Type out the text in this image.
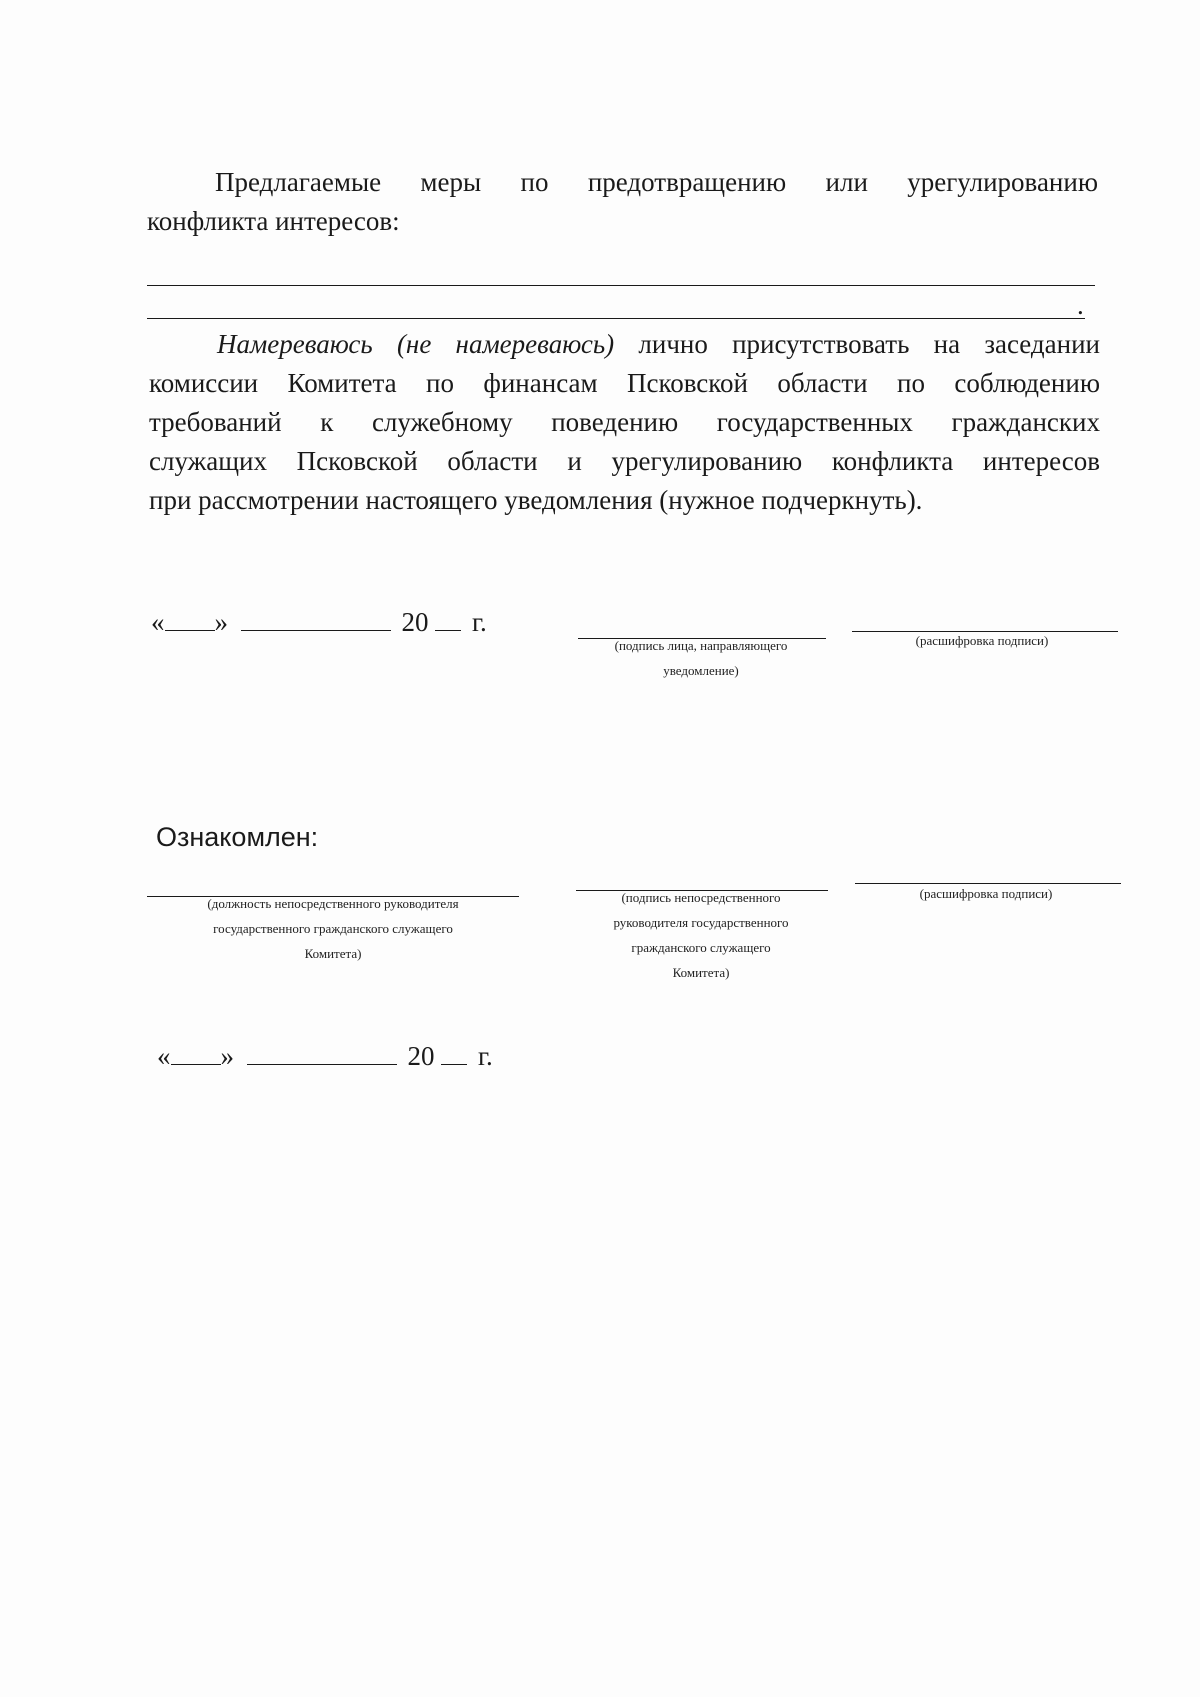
Предлагаемые меры по предотвращению или урегулированию
конфликта интересов:
.
Намереваюсь (не намереваюсь) лично присутствовать на заседании
комиссии Комитета по финансам Псковской области по соблюдению
требований к служебному поведению государственных гражданских
служащих Псковской области и урегулированию конфликта интересов
при рассмотрении настоящего уведомления (нужное подчеркнуть).
« »	20 г.
(подпись лица, направляющего
уведомление)
(расшифровка подписи)
Ознакомлен:
(должность непосредственного руководителя
государственного гражданского служащего
Комитета)
(подпись непосредственного
руководителя государственного
гражданского служащего
Комитета)
(расшифровка подписи)
« »	20 г.
